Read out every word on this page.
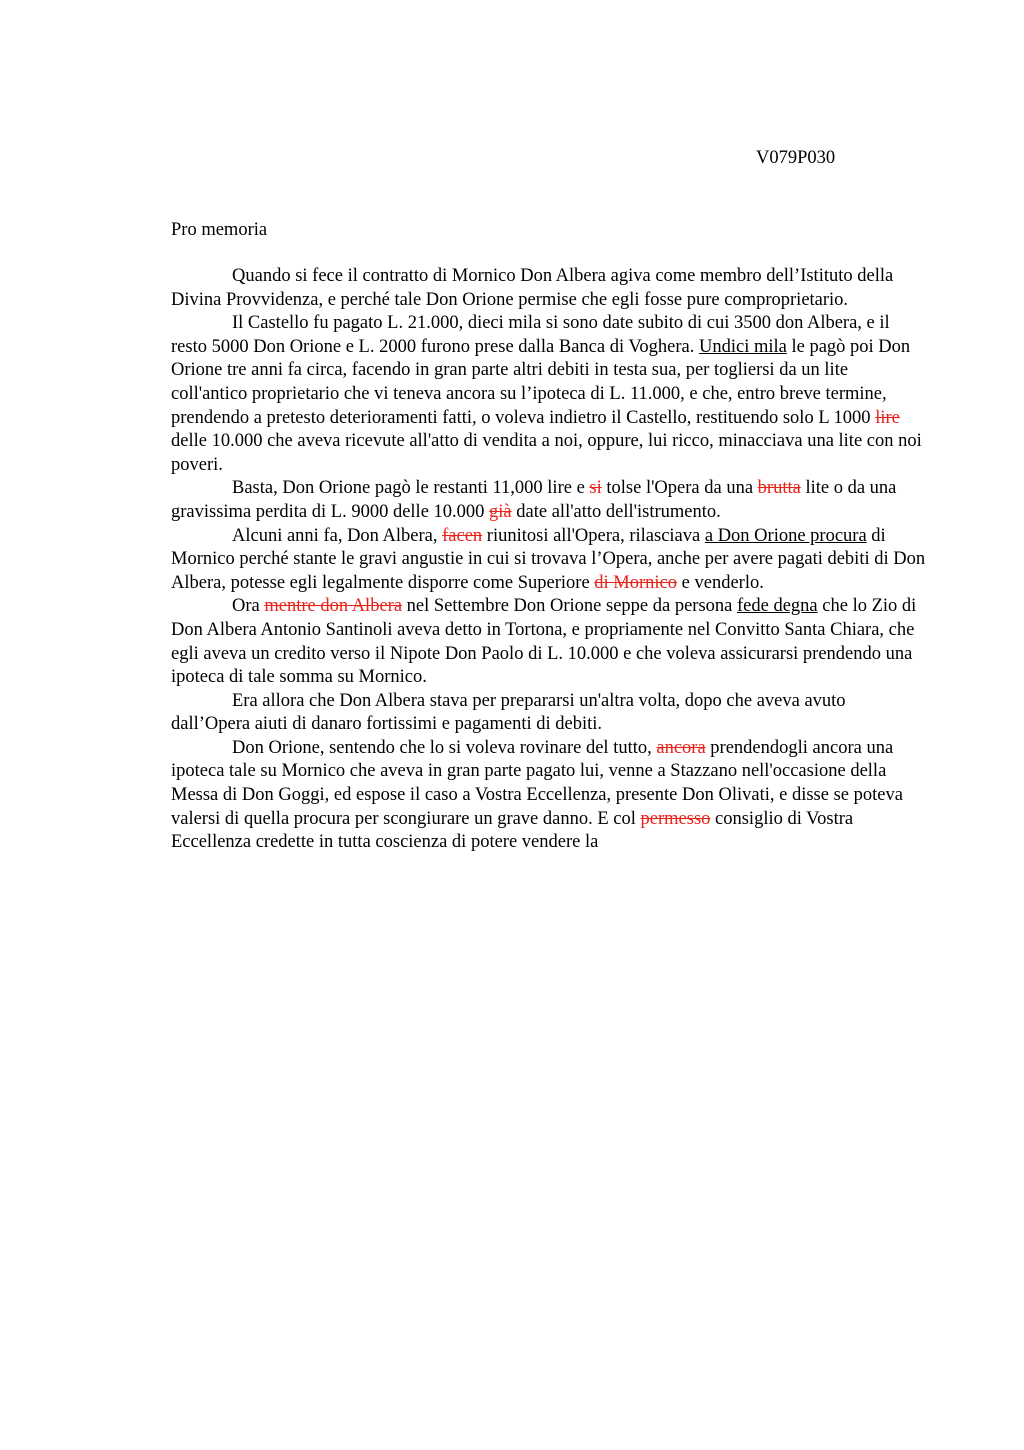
V079P030
Pro memoria

Quando si fece il contratto di Mornico Don Albera agiva come membro dell’Istituto della Divina Provvidenza, e perché tale Don Orione permise che egli fosse pure comproprietario.

Il Castello fu pagato L. 21.000, dieci mila si sono date subito di cui 3500 don Albera, e il resto 5000 Don Orione e L. 2000 furono prese dalla Banca di Voghera. Undici mila le pagò poi Don Orione tre anni fa circa, facendo in gran parte altri debiti in testa sua, per togliersi da un lite coll'antico proprietario che vi teneva ancora su l’ipoteca di L. 11.000, e che, entro breve termine, prendendo a pretesto deterioramenti fatti, o voleva indietro il Castello, restituendo solo L 1000 lire delle 10.000 che aveva ricevute all'atto di vendita a noi, oppure, lui ricco, minacciava una lite con noi poveri.

Basta, Don Orione pagò le restanti 11,000 lire e si tolse l'Opera da una brutta lite o da una gravissima perdita di L. 9000 delle 10.000 già date all'atto dell'istrumento.

Alcuni anni fa, Don Albera, facen riunitosi all'Opera, rilasciava a Don Orione procura di Mornico perché stante le gravi angustie in cui si trovava l’Opera, anche per avere pagati debiti di Don Albera, potesse egli legalmente disporre come Superiore di Mornico e venderlo.

Ora mentre don Albera nel Settembre Don Orione seppe da persona fede degna che lo Zio di Don Albera Antonio Santinoli aveva detto in Tortona, e propriamente nel Convitto Santa Chiara, che egli aveva un credito verso il Nipote Don Paolo di L. 10.000 e che voleva assicurarsi prendendo una ipoteca di tale somma su Mornico.

Era allora che Don Albera stava per prepararsi un'altra volta, dopo che aveva avuto dall’Opera aiuti di danaro fortissimi e pagamenti di debiti.

Don Orione, sentendo che lo si voleva rovinare del tutto, ancora prendendogli ancora una ipoteca tale su Mornico che aveva in gran parte pagato lui, venne a Stazzano nell'occasione della Messa di Don Goggi, ed espose il caso a Vostra Eccellenza, presente Don Olivati, e disse se poteva valersi di quella procura per scongiurare un grave danno. E col permesso consiglio di Vostra Eccellenza credette in tutta coscienza di potere vendere la
